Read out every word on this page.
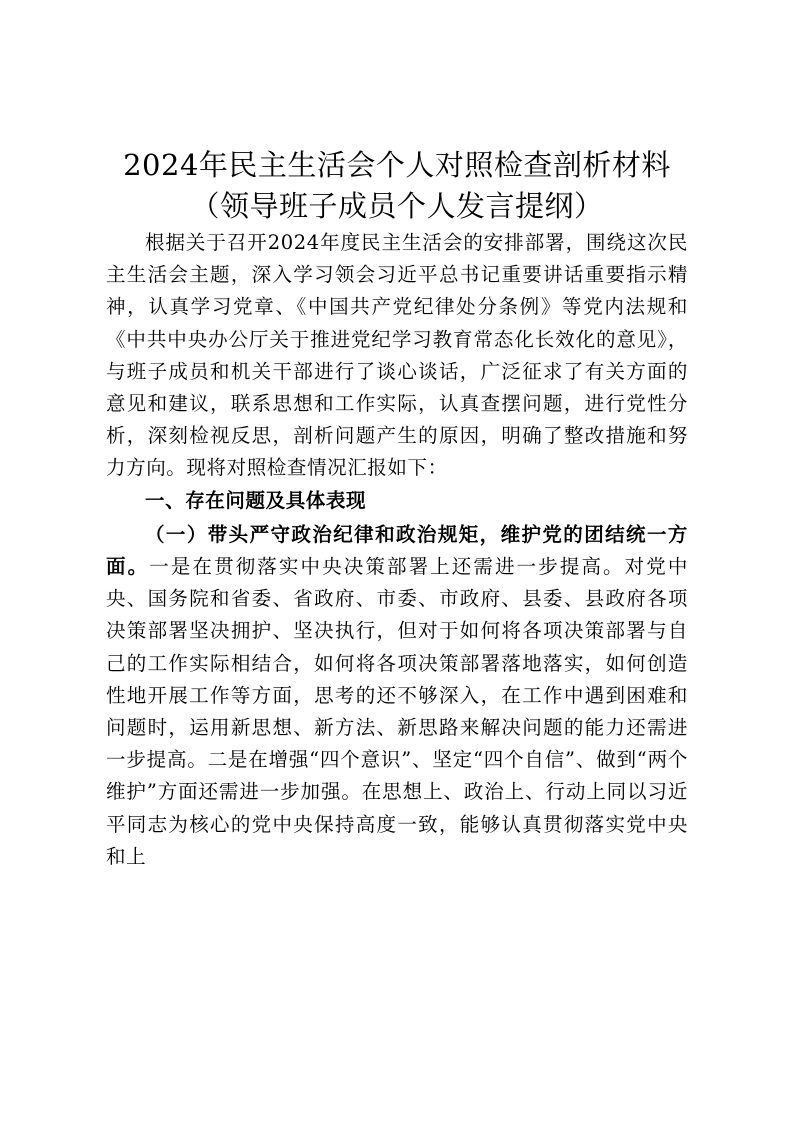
2024年民主生活会个人对照检查剖析材料（领导班子成员个人发言提纲）

根据关于召开2024年度民主生活会的安排部署，围绕这次民主生活会主题，深入学习领会习近平总书记重要讲话重要指示精神，认真学习党章、《中国共产党纪律处分条例》等党内法规和《中共中央办公厅关于推进党纪学习教育常态化长效化的意见》，与班子成员和机关干部进行了谈心谈话，广泛征求了有关方面的意见和建议，联系思想和工作实际，认真查摆问题，进行党性分析，深刻检视反思，剖析问题产生的原因，明确了整改措施和努力方向。现将对照检查情况汇报如下：

一、存在问题及具体表现

（一）带头严守政治纪律和政治规矩，维护党的团结统一方面。一是在贯彻落实中央决策部署上还需进一步提高。对党中央、国务院和省委、省政府、市委、市政府、县委、县政府各项决策部署坚决拥护、坚决执行，但对于如何将各项决策部署与自己的工作实际相结合，如何将各项决策部署落地落实，如何创造性地开展工作等方面，思考的还不够深入，在工作中遇到困难和问题时，运用新思想、新方法、新思路来解决问题的能力还需进一步提高。二是在增强“四个意识”、坚定“四个自信”、做到“两个维护”方面还需进一步加强。在思想上、政治上、行动上同以习近平同志为核心的党中央保持高度一致，能够认真贯彻落实党中央和上
